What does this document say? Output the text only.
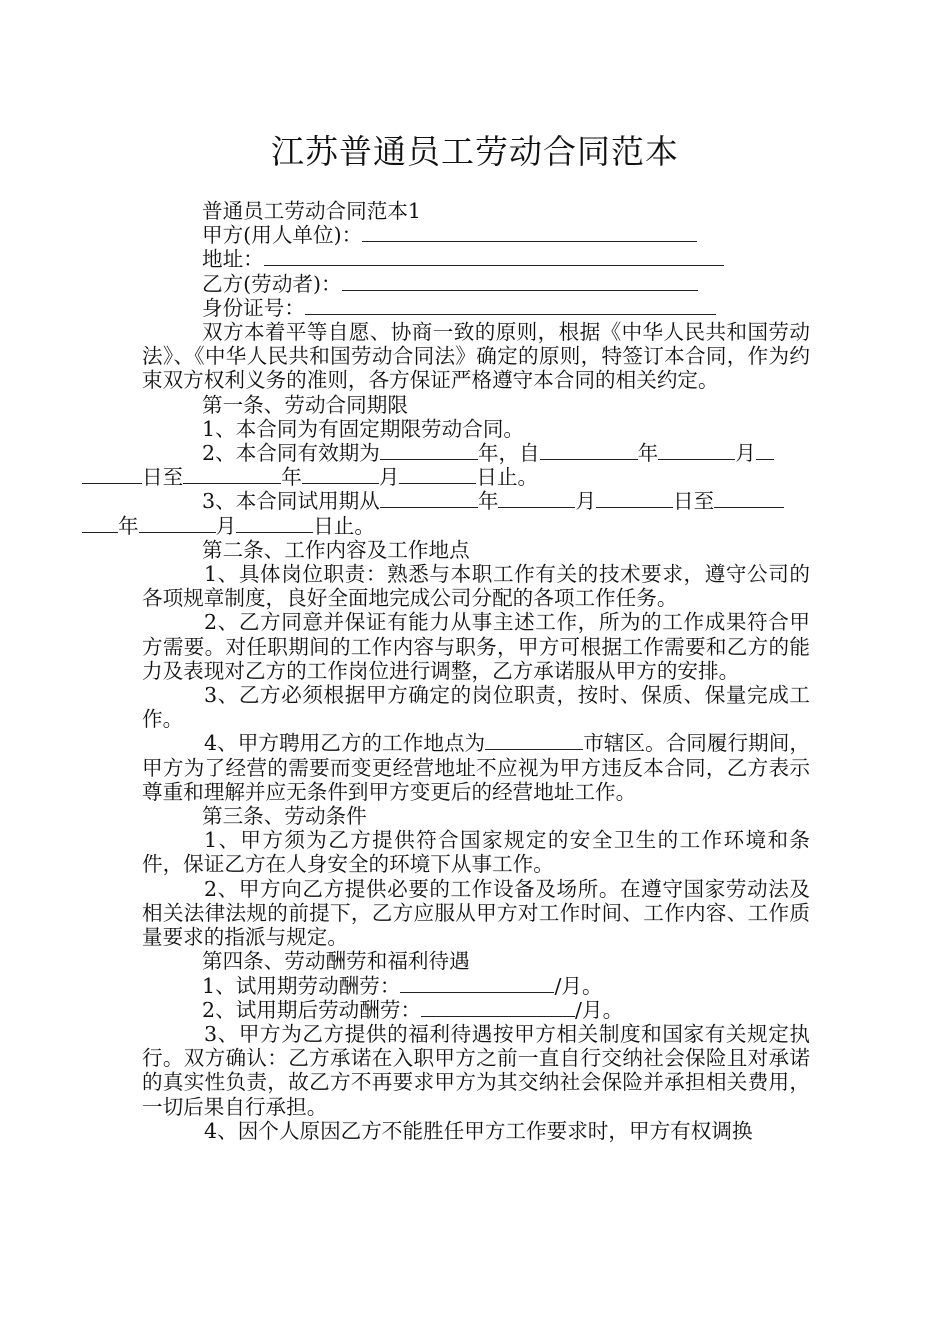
江苏普通员工劳动合同范本
普通员工劳动合同范本1
甲方(用人单位)：
地址：
乙方(劳动者)：
身份证号：

双方本着平等自愿、协商一致的原则，根据《中华人民共和国劳动法》、《中华人民共和国劳动合同法》确定的原则，特签订本合同，作为约束双方权利义务的准则，各方保证严格遵守本合同的相关约定。

第一条、劳动合同期限
1、本合同为有固定期限劳动合同。

2、本合同有效期为	年，自	年	月
日至	年	月	日止。

3、本合同试用期从	年	月	日至
年	月	日止。

第二条、工作内容及工作地点

1、具体岗位职责：熟悉与本职工作有关的技术要求，遵守公司的各项规章制度，良好全面地完成公司分配的各项工作任务。

2、乙方同意并保证有能力从事主述工作，所为的工作成果符合甲方需要。对任职期间的工作内容与职务，甲方可根据工作需要和乙方的能力及表现对乙方的工作岗位进行调整，乙方承诺服从甲方的安排。

3、乙方必须根据甲方确定的岗位职责，按时、保质、保量完成工作。

4、甲方聘用乙方的工作地点为	市辖区。合同履行期间，甲方为了经营的需要而变更经营地址不应视为甲方违反本合同，乙方表示尊重和理解并应无条件到甲方变更后的经营地址工作。

第三条、劳动条件

1、甲方须为乙方提供符合国家规定的安全卫生的工作环境和条件，保证乙方在人身安全的环境下从事工作。

2、甲方向乙方提供必要的工作设备及场所。在遵守国家劳动法及相关法律法规的前提下，乙方应服从甲方对工作时间、工作内容、工作质量要求的指派与规定。

第四条、劳动酬劳和福利待遇
1、试用期劳动酬劳：	/月。
2、试用期后劳动酬劳：	/月。

3、甲方为乙方提供的福利待遇按甲方相关制度和国家有关规定执行。双方确认：乙方承诺在入职甲方之前一直自行交纳社会保险且对承诺的真实性负责，故乙方不再要求甲方为其交纳社会保险并承担相关费用，一切后果自行承担。

4、因个人原因乙方不能胜任甲方工作要求时，甲方有权调换
